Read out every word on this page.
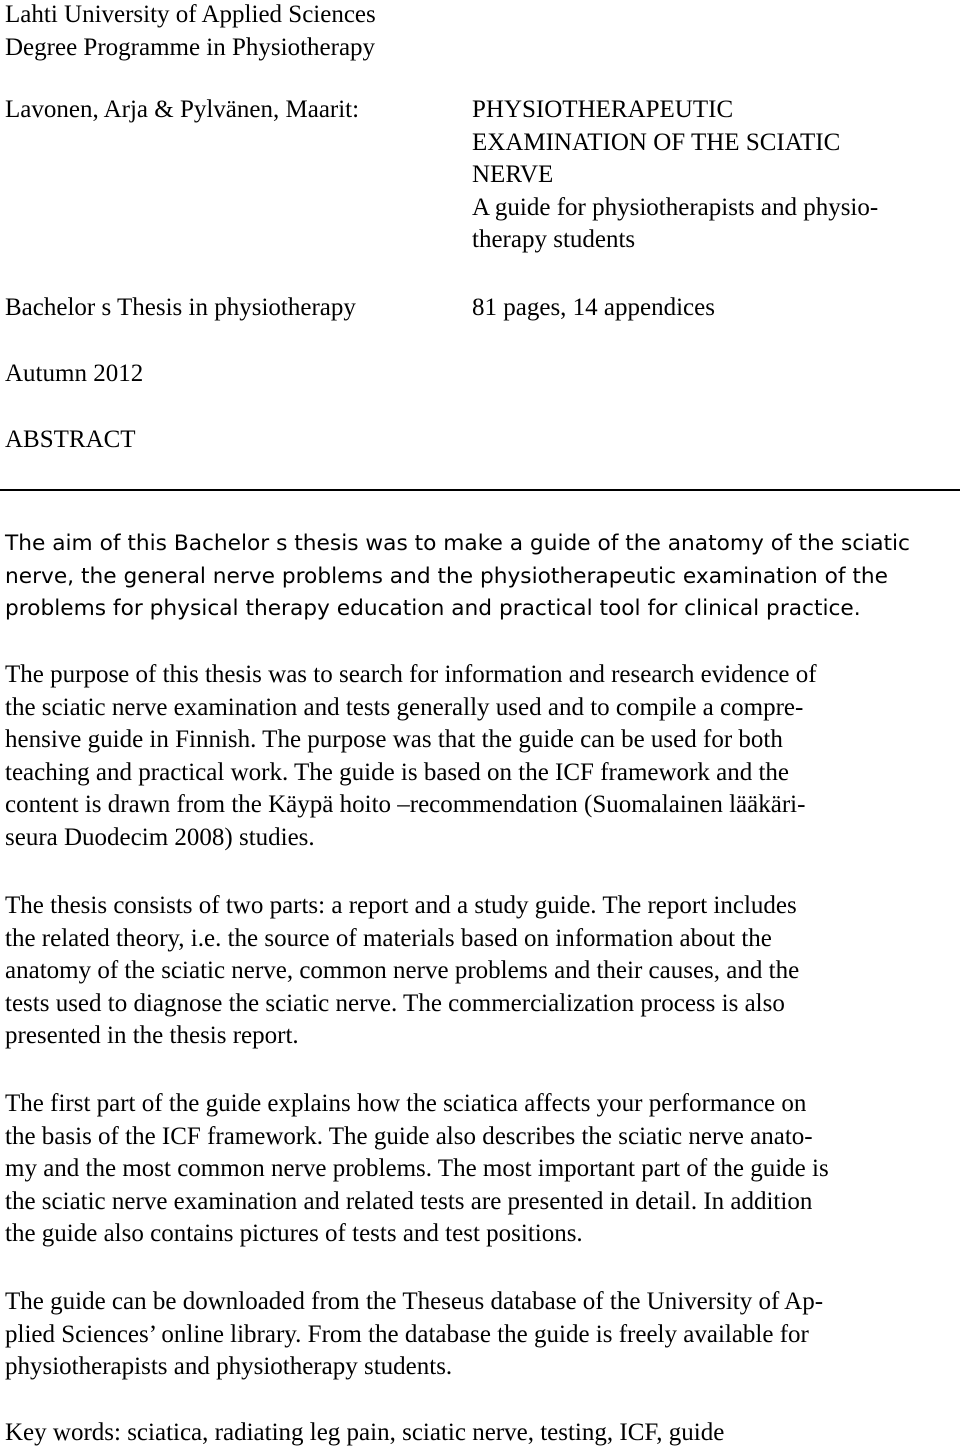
Lahti University of Applied Sciences
Degree Programme in Physiotherapy
Lavonen, Arja & Pylvänen, Maarit:	PHYSIOTHERAPEUTIC
EXAMINATION OF THE SCIATIC
NERVE
A guide for physiotherapists and physio-
therapy students
Bachelor s Thesis in physiotherapy	81 pages, 14 appendices
Autumn 2012
ABSTRACT
The aim of this Bachelor s thesis was to make a guide of the anatomy of the sciatic
nerve, the general nerve problems and the physiotherapeutic examination of the
problems for physical therapy education and practical tool for clinical practice.
The purpose of this thesis was to search for information and research evidence of
the sciatic nerve examination and tests generally used and to compile a compre-
hensive guide in Finnish. The purpose was that the guide can be used for both
teaching and practical work. The guide is based on the ICF framework and the
content is drawn from the Käypä hoito –recommendation (Suomalainen lääkäri-
seura Duodecim 2008) studies.
The thesis consists of two parts: a report and a study guide. The report includes
the related theory, i.e. the source of materials based on information about the
anatomy of the sciatic nerve, common nerve problems and their causes, and the
tests used to diagnose the sciatic nerve. The commercialization process is also
presented in the thesis report.
The first part of the guide explains how the sciatica affects your performance on
the basis of the ICF framework. The guide also describes the sciatic nerve anato-
my and the most common nerve problems. The most important part of the guide is
the sciatic nerve examination and related tests are presented in detail. In addition
the guide also contains pictures of tests and test positions.
The guide can be downloaded from the Theseus database of the University of Ap-
plied Sciences’ online library. From the database the guide is freely available for
physiotherapists and physiotherapy students.
Key words: sciatica, radiating leg pain, sciatic nerve, testing, ICF, guide
